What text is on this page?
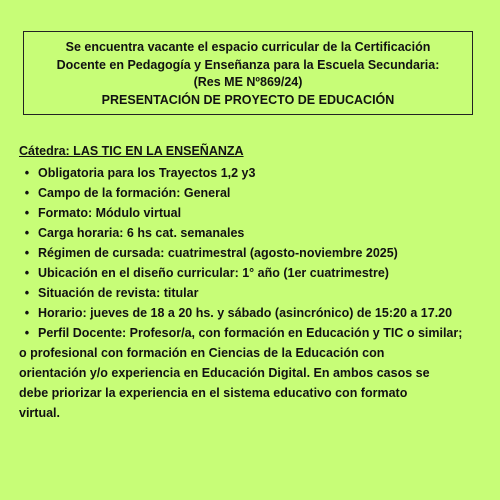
Se encuentra vacante el espacio curricular de la Certificación
Docente en Pedagogía y Enseñanza para la Escuela Secundaria:
(Res ME Nº869/24)
PRESENTACIÓN DE PROYECTO DE EDUCACIÓN
Cátedra: LAS TIC EN LA ENSEÑANZA
• Obligatoria para los Trayectos 1,2 y3
• Campo de la formación: General
• Formato: Módulo virtual
• Carga horaria: 6 hs cat. semanales
• Régimen de cursada: cuatrimestral (agosto-noviembre 2025)
• Ubicación en el diseño curricular: 1° año (1er cuatrimestre)
• Situación de revista: titular
• Horario: jueves de 18 a 20 hs. y sábado (asincrónico) de 15:20 a 17.20
• Perfil Docente: Profesor/a, con formación en Educación y TIC o similar;
o profesional con formación en Ciencias de la Educación con
orientación y/o experiencia en Educación Digital. En ambos casos se
debe priorizar la experiencia en el sistema educativo con formato
virtual.
